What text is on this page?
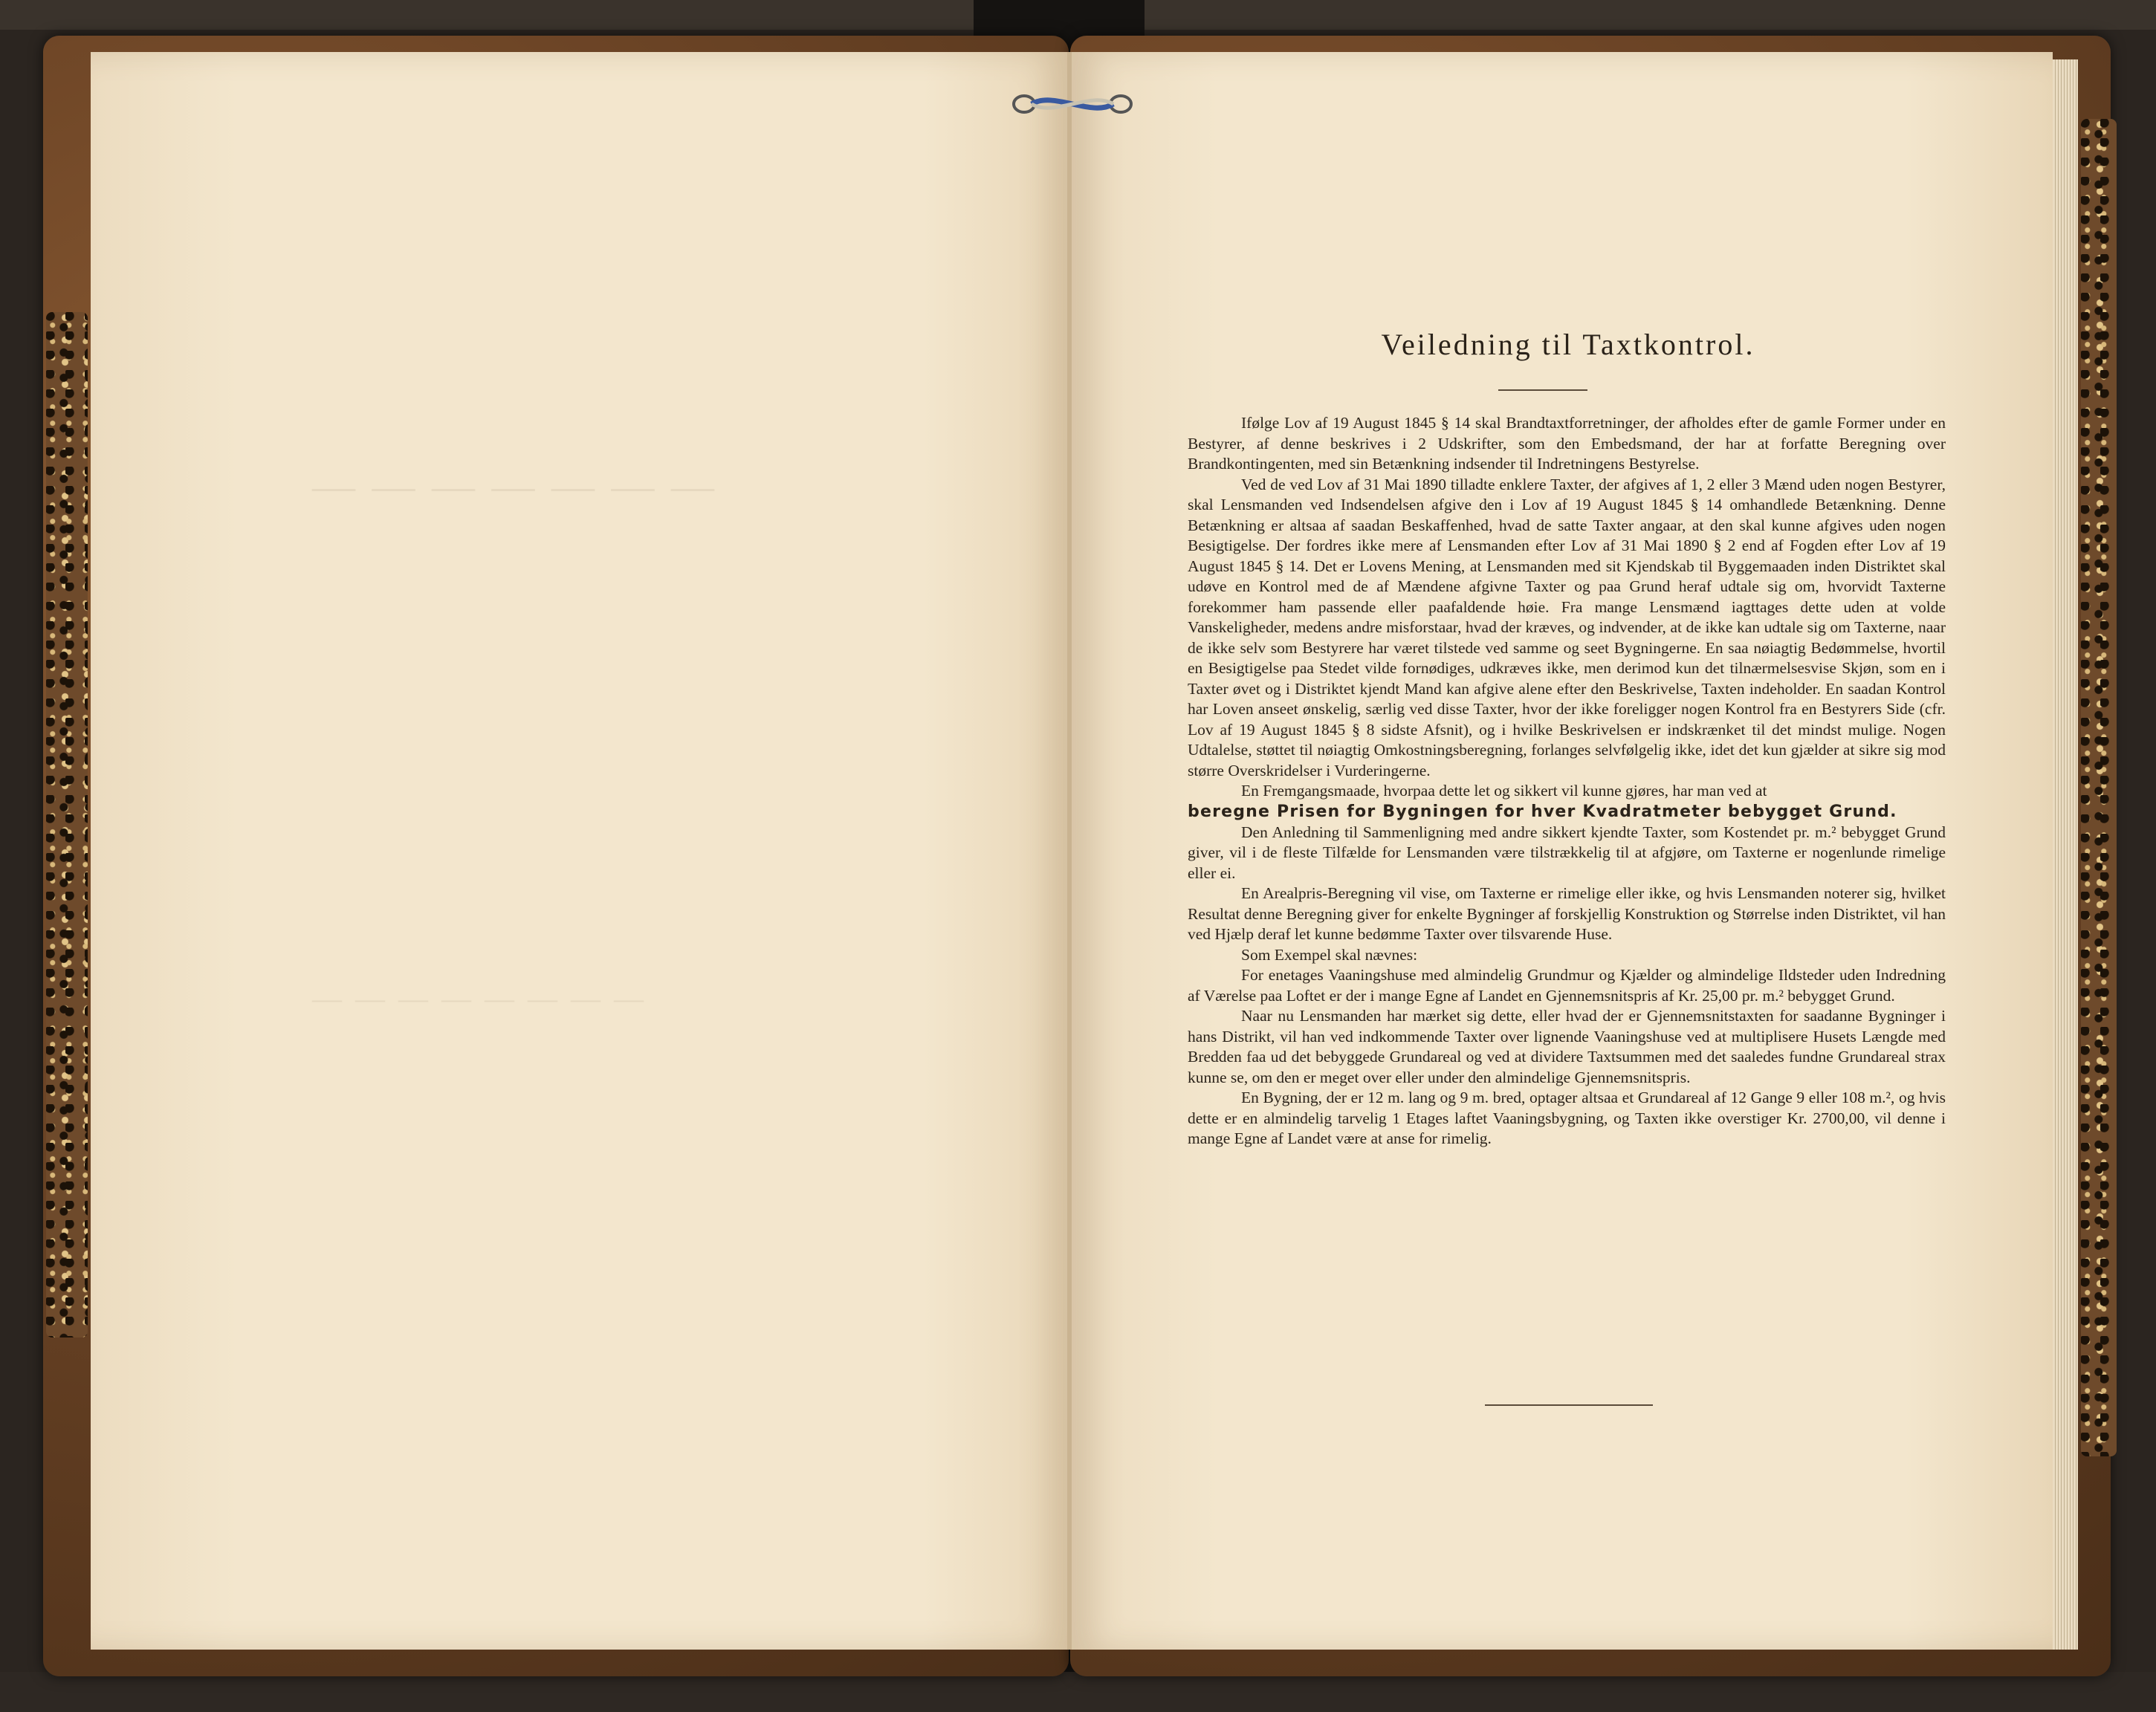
— — — — — — —
— — — — — — — —
Veiledning til Taxtkontrol.

Ifølge Lov af 19 August 1845 § 14 skal Brandtaxtforretninger, der afholdes efter de gamle Former under en Bestyrer, af denne beskrives i 2 Udskrifter, som den Embedsmand, der har at forfatte Beregning over Brandkontingenten, med sin Betænkning indsender til Indretningens Bestyrelse.

Ved de ved Lov af 31 Mai 1890 tilladte enklere Taxter, der afgives af 1, 2 eller 3 Mænd uden nogen Bestyrer, skal Lensmanden ved Indsendelsen afgive den i Lov af 19 August 1845 § 14 omhandlede Betænkning. Denne Betænkning er altsaa af saadan Beskaffenhed, hvad de satte Taxter angaar, at den skal kunne afgives uden nogen Besigtigelse. Der fordres ikke mere af Lensmanden efter Lov af 31 Mai 1890 § 2 end af Fogden efter Lov af 19 August 1845 § 14. Det er Lovens Mening, at Lensmanden med sit Kjendskab til Byggemaaden inden Distriktet skal udøve en Kontrol med de af Mændene afgivne Taxter og paa Grund heraf udtale sig om, hvorvidt Taxterne forekommer ham passende eller paafaldende høie. Fra mange Lensmænd iagttages dette uden at volde Vanskeligheder, medens andre misforstaar, hvad der kræves, og indvender, at de ikke kan udtale sig om Taxterne, naar de ikke selv som Bestyrere har været tilstede ved samme og seet Bygningerne. En saa nøiagtig Bedømmelse, hvortil en Besigtigelse paa Stedet vilde fornødiges, udkræves ikke, men derimod kun det tilnærmelsesvise Skjøn, som en i Taxter øvet og i Distriktet kjendt Mand kan afgive alene efter den Beskrivelse, Taxten indeholder. En saadan Kontrol har Loven anseet ønskelig, særlig ved disse Taxter, hvor der ikke foreligger nogen Kontrol fra en Bestyrers Side (cfr. Lov af 19 August 1845 § 8 sidste Afsnit), og i hvilke Beskrivelsen er indskrænket til det mindst mulige. Nogen Udtalelse, støttet til nøiagtig Omkostningsberegning, forlanges selvfølgelig ikke, idet det kun gjælder at sikre sig mod større Overskridelser i Vurderingerne.

En Fremgangsmaade, hvorpaa dette let og sikkert vil kunne gjøres, har man ved at

beregne Prisen for Bygningen for hver Kvadratmeter bebygget Grund.

Den Anledning til Sammenligning med andre sikkert kjendte Taxter, som Kostendet pr. m.² bebygget Grund giver, vil i de fleste Tilfælde for Lensmanden være tilstrækkelig til at afgjøre, om Taxterne er nogenlunde rimelige eller ei.

En Arealpris-Beregning vil vise, om Taxterne er rimelige eller ikke, og hvis Lensmanden noterer sig, hvilket Resultat denne Beregning giver for enkelte Bygninger af forskjellig Konstruktion og Størrelse inden Distriktet, vil han ved Hjælp deraf let kunne bedømme Taxter over tilsvarende Huse.

Som Exempel skal nævnes:

For enetages Vaaningshuse med almindelig Grundmur og Kjælder og almindelige Ildsteder uden Indredning af Værelse paa Loftet er der i mange Egne af Landet en Gjennemsnitspris af Kr. 25,00 pr. m.² bebygget Grund.

Naar nu Lensmanden har mærket sig dette, eller hvad der er Gjennemsnitstaxten for saadanne Bygninger i hans Distrikt, vil han ved indkommende Taxter over lignende Vaaningshuse ved at multiplisere Husets Længde med Bredden faa ud det bebyggede Grundareal og ved at dividere Taxtsummen med det saaledes fundne Grundareal strax kunne se, om den er meget over eller under den almindelige Gjennemsnitspris.

En Bygning, der er 12 m. lang og 9 m. bred, optager altsaa et Grundareal af 12 Gange 9 eller 108 m.², og hvis dette er en almindelig tarvelig 1 Etages laftet Vaaningsbygning, og Taxten ikke overstiger Kr. 2700,00, vil denne i mange Egne af Landet være at anse for rimelig.
